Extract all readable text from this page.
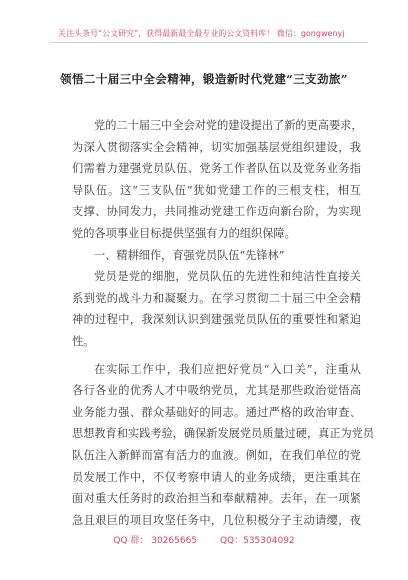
关注头条号“公文研究”，获得最新最全最专业的公文资料库！ 微信：gongwenyj
领悟二十届三中全会精神，锻造新时代党建“三支劲旅”
党的二十届三中全会对党的建设提出了新的更高要求，
为深入贯彻落实全会精神，切实加强基层党组织建设，我
们需着力建强党员队伍、党务工作者队伍以及党务业务指
导队伍。这“三支队伍”犹如党建工作的三根支柱，相互
支撑、协同发力，共同推动党建工作迈向新台阶，为实现
党的各项事业目标提供坚强有力的组织保障。
一、精耕细作，育强党员队伍“先锋林”
党员是党的细胞，党员队伍的先进性和纯洁性直接关
系到党的战斗力和凝聚力。在学习贯彻二十届三中全会精
神的过程中，我深刻认识到建强党员队伍的重要性和紧迫
性。
在实际工作中，我们应把好党员“入口关”，注重从
各行各业的优秀人才中吸纳党员，尤其是那些政治觉悟高
业务能力强、群众基础好的同志。通过严格的政治审查、
思想教育和实践考验，确保新发展党员质量过硬，真正为党员
队伍注入新鲜而富有活力的血液。例如，在我们单位的党
员发展工作中，不仅考察申请人的业务成绩，更注重其在
面对重大任务时的政治担当和奉献精神。去年，在一项紧
急且艰巨的项目攻坚任务中，几位积极分子主动请缨，夜
QQ 群： 30265665	QQ：535304092
